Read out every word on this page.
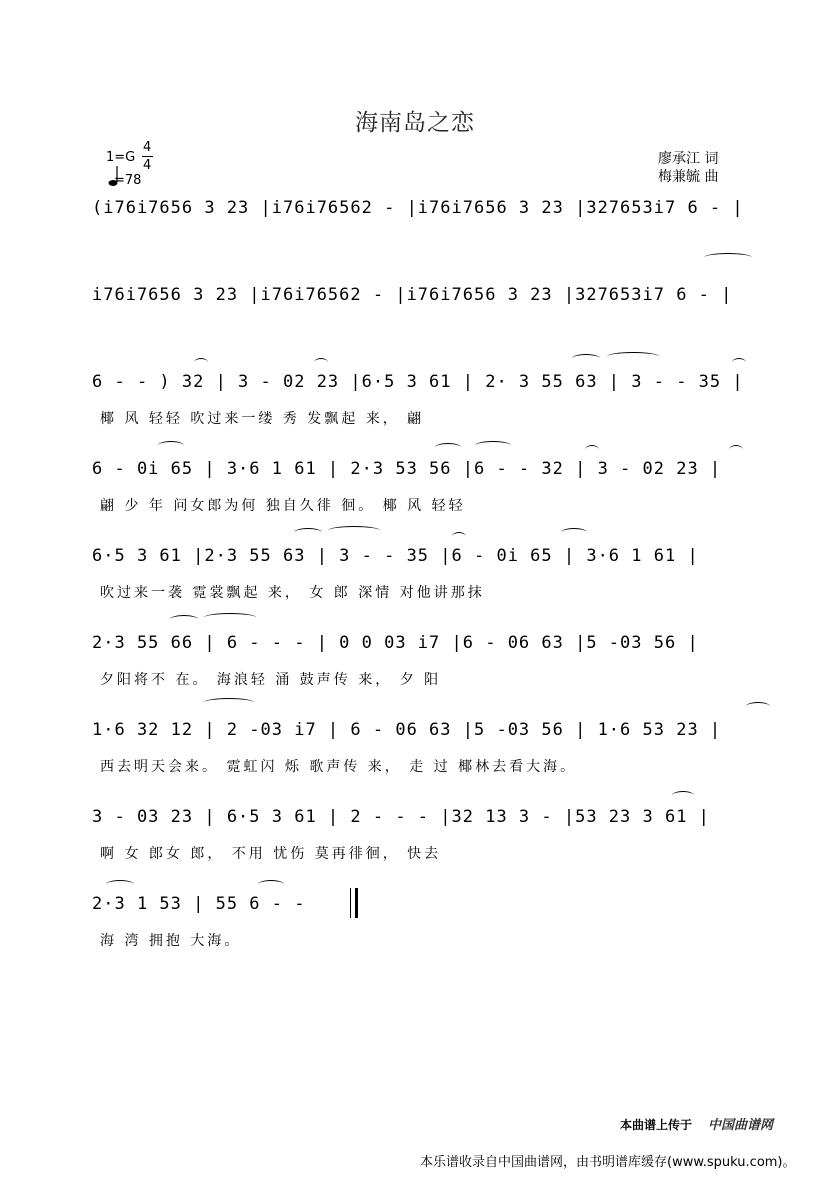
海南岛之恋
1=G
4
4
=78
廖承江 词
梅兼毓 曲
(i76i7656 3 23 |i76i76562 - |i76i7656 3 23 |327653i7 6 - |
i76i7656 3 23 |i76i76562 - |i76i7656 3 23 |327653i7 6 - |
6 - - ) 32 | 3 - 02 23 |6·5 3 61 | 2· 3 55 63 | 3 - - 35 |
椰 风 轻轻 吹过来一缕 秀 发飘起 来， 翩
6 - 0i 65 | 3·6 1 61 | 2·3 53 56 |6 - - 32 | 3 - 02 23 |
翩 少 年 问女郎为何 独自久徘 徊。 椰 风 轻轻
6·5 3 61 |2·3 55 63 | 3 - - 35 |6 - 0i 65 | 3·6 1 61 |
吹过来一袭 霓裳飘起 来， 女 郎 深情 对他讲那抹
2·3 55 66 | 6 - - - | 0 0 03 i7 |6 - 06 63 |5 -03 56 |
夕阳将不 在。 海浪轻 涌 鼓声传 来， 夕 阳
1·6 32 12 | 2 -03 i7 | 6 - 06 63 |5 -03 56 | 1·6 53 23 |
西去明天会来。 霓虹闪 烁 歌声传 来， 走 过 椰林去看大海。
3 - 03 23 | 6·5 3 61 | 2 - - - |32 13 3 - |53 23 3 61 |
啊 女 郎女 郎， 不用 忧伤 莫再徘徊， 快去
2·3 1 53 | 55 6 - -
海 湾 拥抱 大海。
本曲谱上传于 中国曲谱网
本乐谱收录自中国曲谱网，由书明谱库缓存(www.spuku.com)。
